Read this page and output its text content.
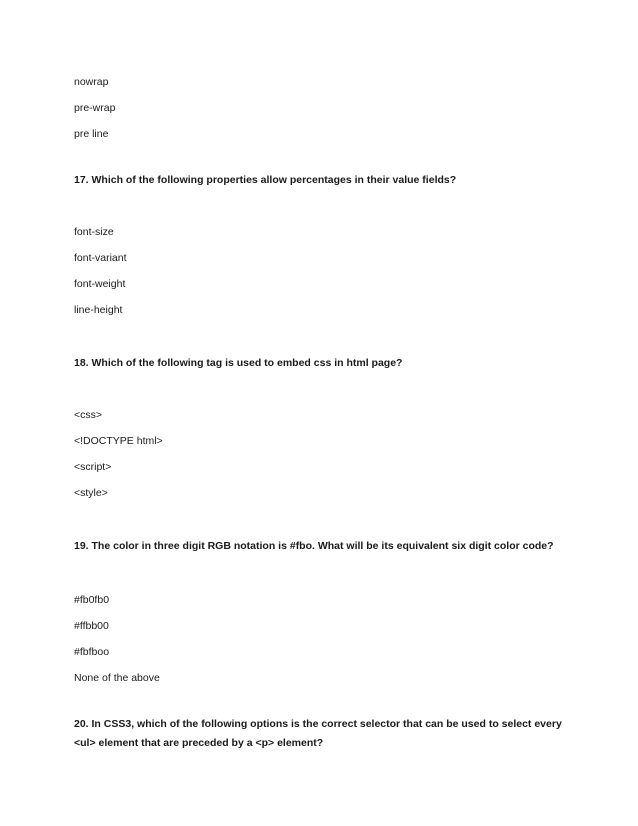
nowrap
pre-wrap
pre line
17. Which of the following properties allow percentages in their value fields?
font-size
font-variant
font-weight
line-height
18. Which of the following tag is used to embed css in html page?
<css>
<!DOCTYPE html>
<script>
<style>
19. The color in three digit RGB notation is #fbo. What will be its equivalent six digit color code?
#fb0fb0
#ffbb00
#fbfboo
None of the above
20. In CSS3, which of the following options is the correct selector that can be used to select every
<ul> element that are preceded by a <p> element?
